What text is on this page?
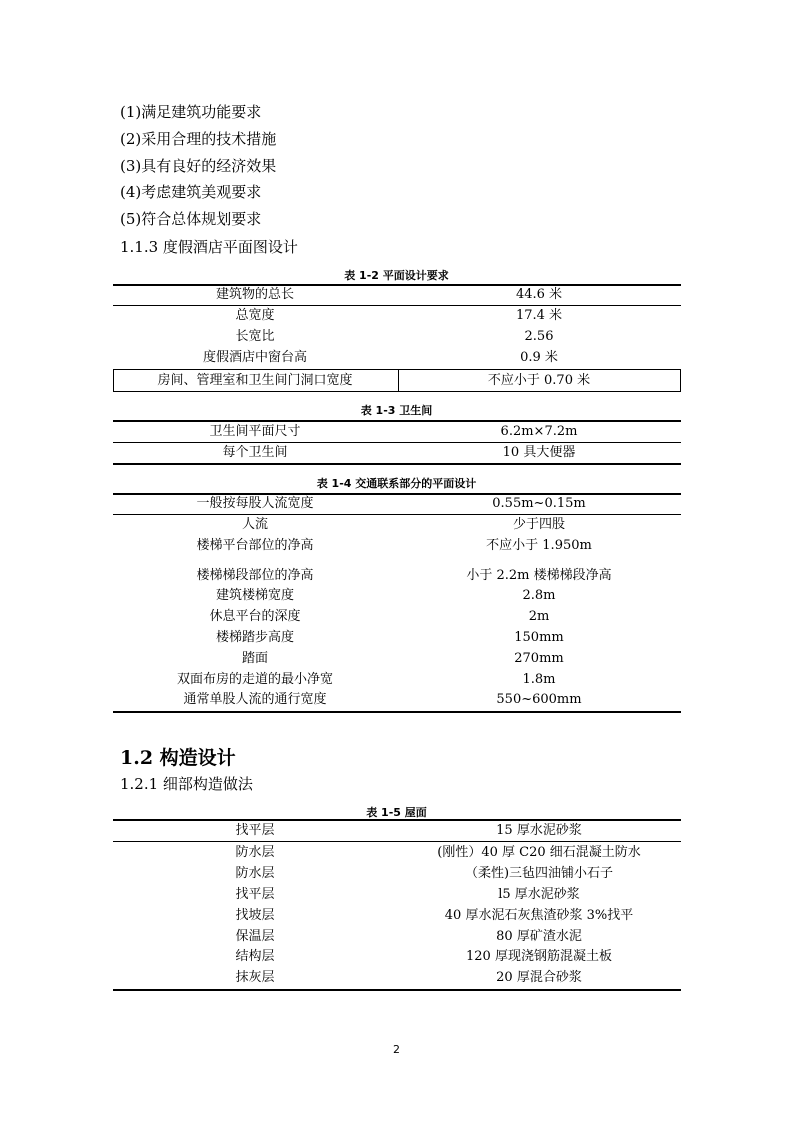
(1)满足建筑功能要求
(2)采用合理的技术措施
(3)具有良好的经济效果
(4)考虑建筑美观要求
(5)符合总体规划要求
1.1.3 度假酒店平面图设计
表 1-2 平面设计要求
建筑物的总长	44.6 米
总宽度	17.4 米
长宽比	2.56
度假酒店中窗台高	0.9 米
房间、管理室和卫生间门洞口宽度	不应小于 0.70 米
表 1-3 卫生间
卫生间平面尺寸	6.2m×7.2m
每个卫生间	10 具大便器
表 1-4 交通联系部分的平面设计
一般按每股人流宽度	0.55m~0.15m
人流	少于四股
楼梯平台部位的净高	不应小于 1.950m
楼梯梯段部位的净高	小于 2.2m 楼梯梯段净高
建筑楼梯宽度	2.8m
休息平台的深度	2m
楼梯踏步高度	150mm
踏面	270mm
双面布房的走道的最小净宽	1.8m
通常单股人流的通行宽度	550~600mm
1.2 构造设计
1.2.1 细部构造做法
表 1-5 屋面
找平层	15 厚水泥砂浆
防水层	(刚性）40 厚 C20 细石混凝土防水
防水层	（柔性)三毡四油铺小石子
找平层	l5 厚水泥砂浆
找坡层	40 厚水泥石灰焦渣砂浆 3%找平
保温层	80 厚矿渣水泥
结构层	120 厚现浇钢筋混凝土板
抹灰层	20 厚混合砂浆
2
